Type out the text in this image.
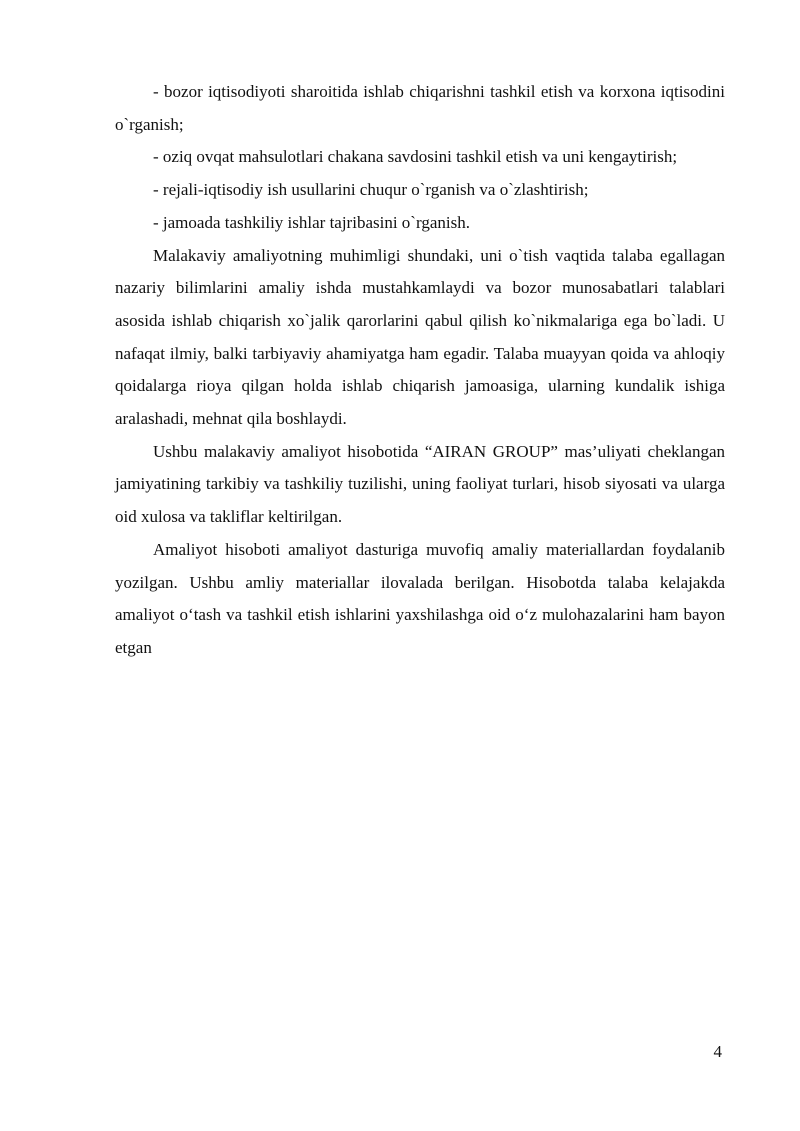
- bozor iqtisodiyoti sharoitida ishlab chiqarishni tashkil etish va korxona iqtisodini o`rganish;

- oziq ovqat mahsulotlari chakana savdosini tashkil etish va uni kengaytirish;

- rejali-iqtisodiy ish usullarini chuqur o`rganish va o`zlashtirish;

- jamoada tashkiliy ishlar tajribasini o`rganish.

Malakaviy amaliyotning muhimligi shundaki, uni o`tish vaqtida talaba egallagan nazariy bilimlarini amaliy ishda mustahkamlaydi va bozor munosabatlari talablari asosida ishlab chiqarish xo`jalik qarorlarini qabul qilish ko`nikmalariga ega bo`ladi. U nafaqat ilmiy, balki tarbiyaviy ahamiyatga ham egadir. Talaba muayyan qoida va ahloqiy qoidalarga rioya qilgan holda ishlab chiqarish jamoasiga, ularning kundalik ishiga aralashadi, mehnat qila boshlaydi.

Ushbu malakaviy amaliyot hisobotida “AIRAN GROUP” mas’uliyati cheklangan jamiyatining tarkibiy va tashkiliy tuzilishi, uning faoliyat turlari, hisob siyosati va ularga oid xulosa va takliflar keltirilgan.

Amaliyot hisoboti amaliyot dasturiga muvofiq amaliy materiallardan foydalanib yozilgan. Ushbu amliy materiallar ilovalada berilgan. Hisobotda talaba kelajakda amaliyot o‘tash va tashkil etish ishlarini yaxshilashga oid o‘z mulohazalarini ham bayon etgan

4
